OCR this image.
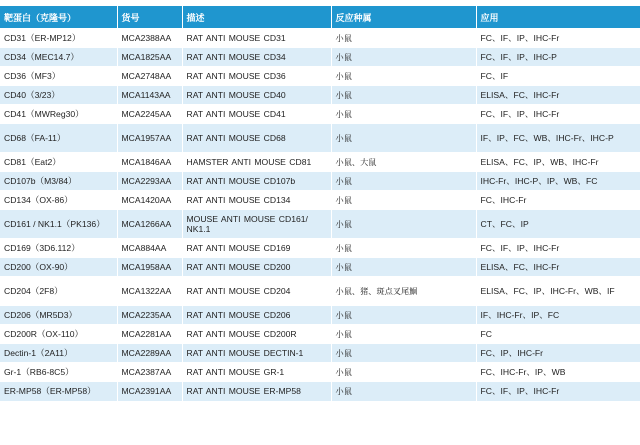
靶蛋白（克隆号）	货号	描述	反应种属	应用
CD31（ER-MP12）	MCA2388AA	RAT ANTI MOUSE CD31	小鼠	FC、IF、IP、IHC-Fr
CD34（MEC14.7）	MCA1825AA	RAT ANTI MOUSE CD34	小鼠	FC、IF、IP、IHC-P
CD36（MF3）	MCA2748AA	RAT ANTI MOUSE CD36	小鼠	FC、IF
CD40（3/23）	MCA1143AA	RAT ANTI MOUSE CD40	小鼠	ELISA、FC、IHC-Fr
CD41（MWReg30）	MCA2245AA	RAT ANTI MOUSE CD41	小鼠	FC、IF、IP、IHC-Fr
CD68（FA-11）	MCA1957AA	RAT ANTI MOUSE CD68	小鼠	IF、IP、FC、WB、IHC-Fr、IHC-P
CD81（Eat2）	MCA1846AA	HAMSTER ANTI MOUSE CD81	小鼠、大鼠	ELISA、FC、IP、WB、IHC-Fr
CD107b（M3/84）	MCA2293AA	RAT ANTI MOUSE CD107b	小鼠	IHC-Fr、IHC-P、IP、WB、FC
CD134（OX-86）	MCA1420AA	RAT ANTI MOUSE CD134	小鼠	FC、IHC-Fr
CD161 / NK1.1（PK136）	MCA1266AA	MOUSE ANTI MOUSE CD161/ NK1.1	小鼠	CT、FC、IP
CD169（3D6.112）	MCA884AA	RAT ANTI MOUSE CD169	小鼠	FC、IF、IP、IHC-Fr
CD200（OX-90）	MCA1958AA	RAT ANTI MOUSE CD200	小鼠	ELISA、FC、IHC-Fr
CD204（2F8）	MCA1322AA	RAT ANTI MOUSE CD204	小鼠、猪、斑点叉尾鮰	ELISA、FC、IP、IHC-Fr、WB、IF
CD206（MR5D3）	MCA2235AA	RAT ANTI MOUSE CD206	小鼠	IF、IHC-Fr、IP、FC
CD200R（OX-110）	MCA2281AA	RAT ANTI MOUSE CD200R	小鼠	FC
Dectin-1（2A11）	MCA2289AA	RAT ANTI MOUSE DECTIN-1	小鼠	FC、IP、IHC-Fr
Gr-1（RB6-8C5）	MCA2387AA	RAT ANTI MOUSE GR-1	小鼠	FC、IHC-Fr、IP、WB
ER-MP58（ER-MP58）	MCA2391AA	RAT ANTI MOUSE ER-MP58	小鼠	FC、IF、IP、IHC-Fr
